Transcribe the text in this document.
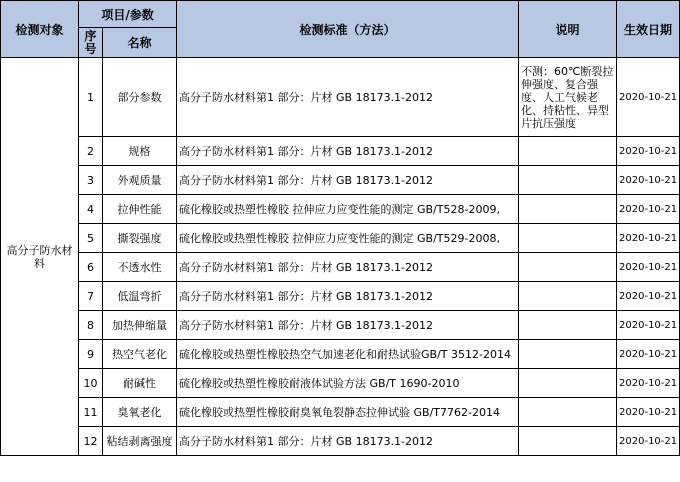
检测对象	项目/参数		检测标准（方法）	说明	生效日期
	序号	名称			
高分子防水材料	1	部分参数	高分子防水材料第1 部分：片材 GB 18173.1-2012	不测：60℃断裂拉伸强度、复合强度、人工气候老化、持粘性、异型片抗压强度	2020-10-21
	2	规格	高分子防水材料第1 部分：片材 GB 18173.1-2012		2020-10-21
	3	外观质量	高分子防水材料第1 部分：片材 GB 18173.1-2012		2020-10-21
	4	拉伸性能	硫化橡胶或热塑性橡胶 拉伸应力应变性能的测定 GB/T528-2009,		2020-10-21
	5	撕裂强度	硫化橡胶或热塑性橡胶 拉伸应力应变性能的测定 GB/T529-2008,		2020-10-21
	6	不透水性	高分子防水材料第1 部分：片材 GB 18173.1-2012		2020-10-21
	7	低温弯折	高分子防水材料第1 部分：片材 GB 18173.1-2012		2020-10-21
	8	加热伸缩量	高分子防水材料第1 部分：片材 GB 18173.1-2012		2020-10-21
	9	热空气老化	硫化橡胶或热塑性橡胶热空气加速老化和耐热试验GB/T 3512-2014		2020-10-21
	10	耐碱性	硫化橡胶或热塑性橡胶耐液体试验方法 GB/T 1690-2010		2020-10-21
	11	臭氧老化	硫化橡胶或热塑性橡胶耐臭氧龟裂静态拉伸试验 GB/T7762-2014		2020-10-21
	12	粘结剥离强度	高分子防水材料第1 部分：片材 GB 18173.1-2012		2020-10-21
